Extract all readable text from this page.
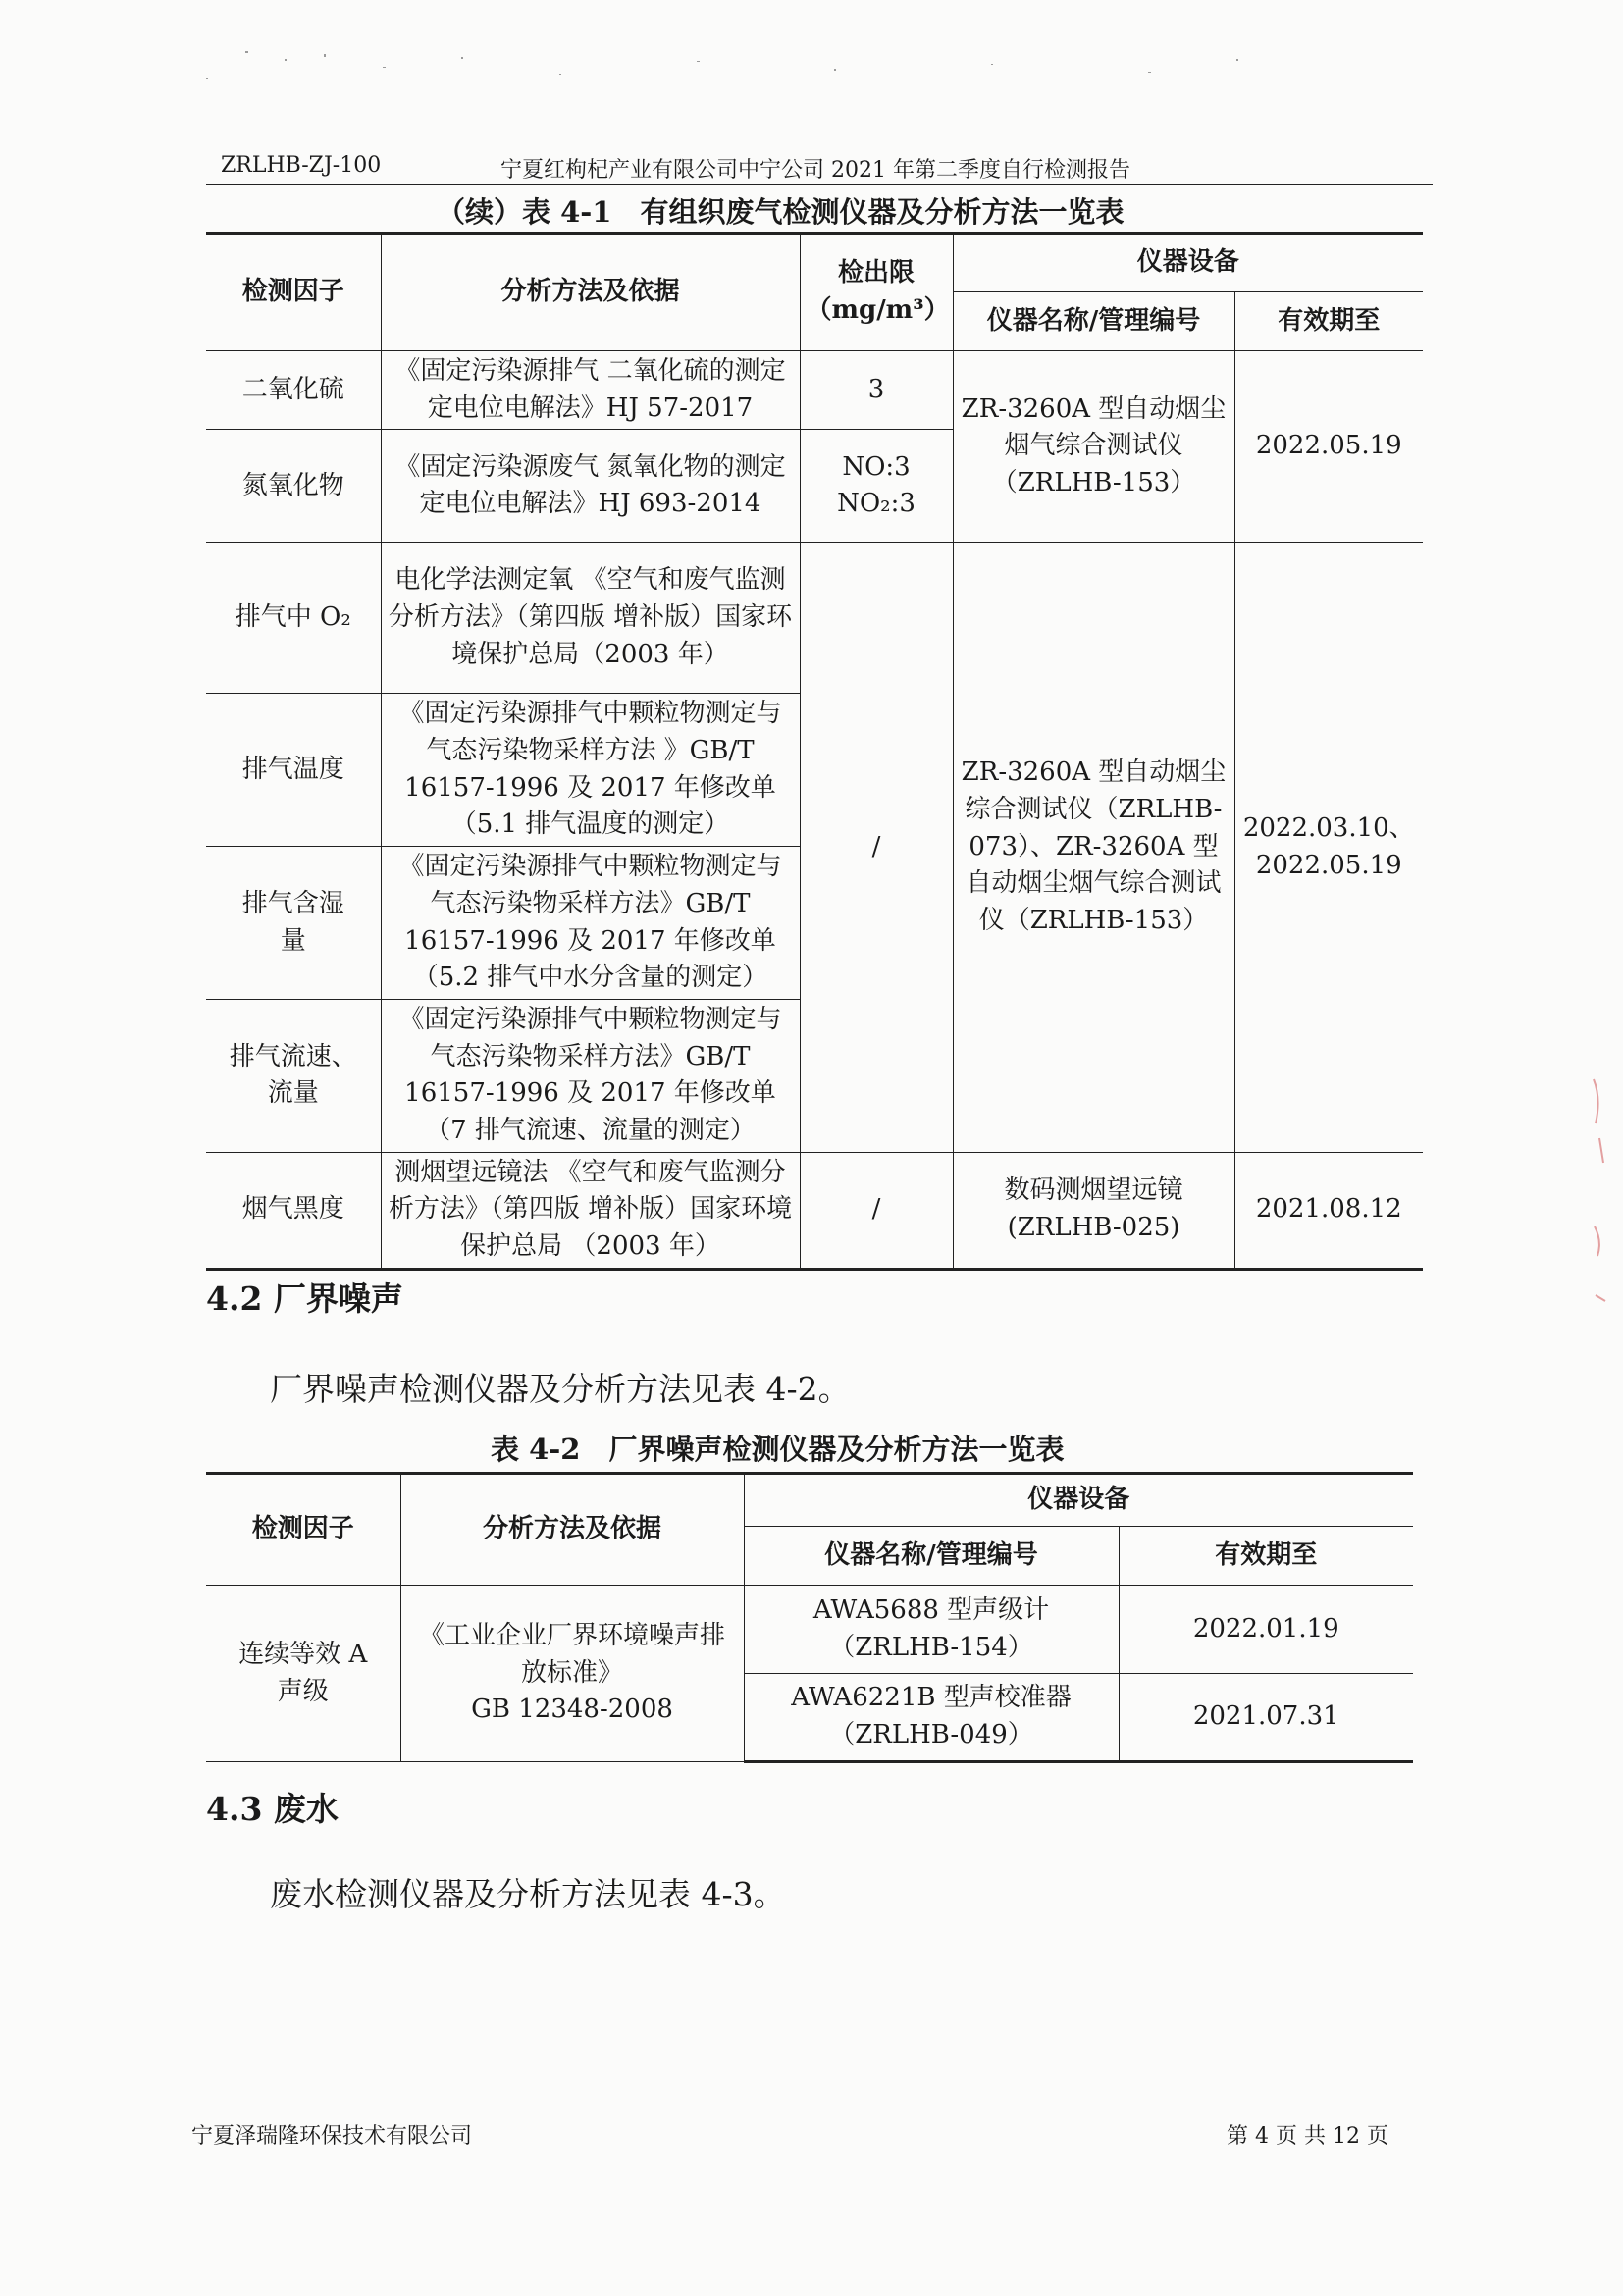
ZRLHB-ZJ-100	宁夏红枸杞产业有限公司中宁公司 2021 年第二季度自行检测报告
（续）表 4-1　有组织废气检测仪器及分析方法一览表
检测因子	分析方法及依据	检出限
（mg/m³）	仪器设备	
			仪器名称/管理编号	有效期至
二氧化硫	《固定污染源排气 二氧化硫的测定 定电位电解法》HJ 57-2017	3	ZR-3260A 型自动烟尘烟气综合测试仪（ZRLHB-153）	2022.05.19
氮氧化物	《固定污染源废气 氮氧化物的测定 定电位电解法》HJ 693-2014	NO:3
NO₂:3		
排气中 O₂	电化学法测定氧 《空气和废气监测分析方法》（第四版 增补版）国家环境保护总局（2003 年）	/	ZR-3260A 型自动烟尘综合测试仪（ZRLHB-073）、ZR-3260A 型自动烟尘烟气综合测试仪（ZRLHB-153）	2022.03.10、
2022.05.19
排气温度	《固定污染源排气中颗粒物测定与气态污染物采样方法 》GB/T 16157-1996 及 2017 年修改单（5.1 排气温度的测定）			
排气含湿
量	《固定污染源排气中颗粒物测定与气态污染物采样方法》GB/T 16157-1996 及 2017 年修改单（5.2 排气中水分含量的测定）			
排气流速、
流量	《固定污染源排气中颗粒物测定与气态污染物采样方法》GB/T 16157-1996 及 2017 年修改单（7 排气流速、流量的测定）			
烟气黑度	测烟望远镜法 《空气和废气监测分析方法》（第四版 增补版）国家环境保护总局 （2003 年）	/	数码测烟望远镜
(ZRLHB-025)	2021.08.12
4.2 厂界噪声
厂界噪声检测仪器及分析方法见表 4-2。
表 4-2　厂界噪声检测仪器及分析方法一览表
检测因子	分析方法及依据	仪器设备	
		仪器名称/管理编号	有效期至
连续等效 A
声级	《工业企业厂界环境噪声排放标准》
GB 12348-2008	AWA5688 型声级计
（ZRLHB-154）	2022.01.19
		AWA6221B 型声校准器
（ZRLHB-049）	2021.07.31
4.3 废水
废水检测仪器及分析方法见表 4-3。
宁夏泽瑞隆环保技术有限公司	第 4 页 共 12 页
